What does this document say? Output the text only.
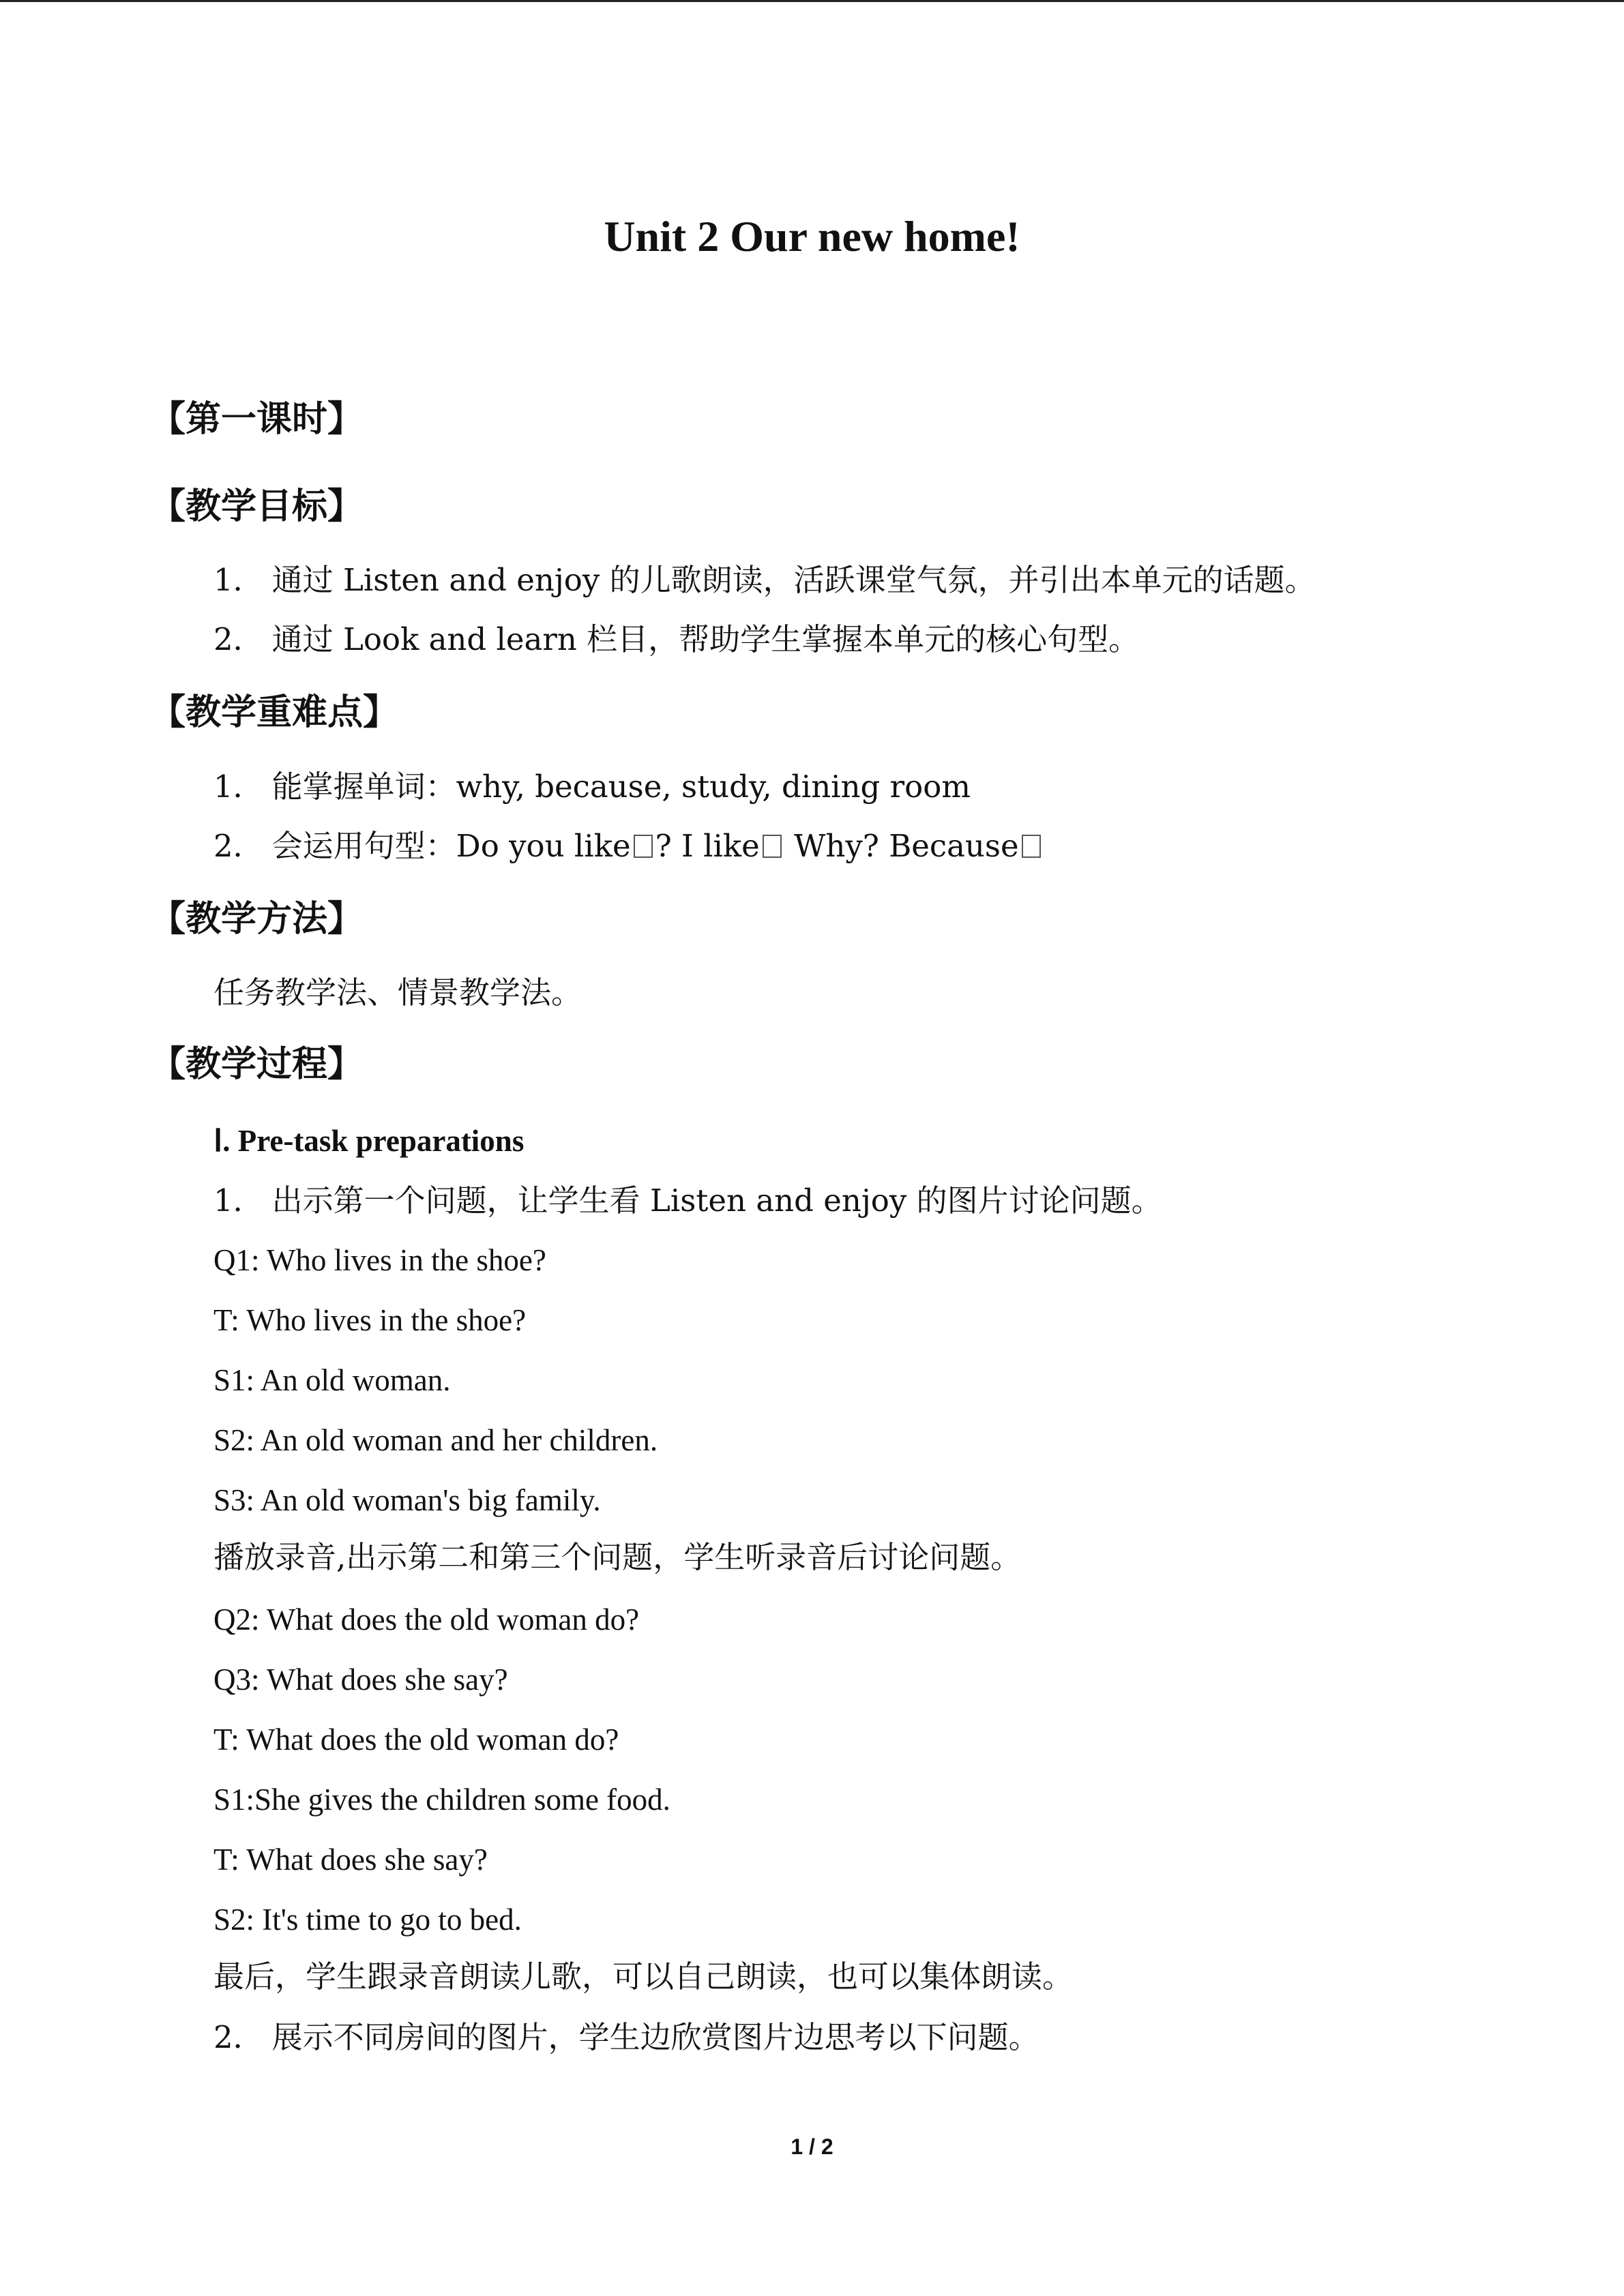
Unit 2 Our new home!
【第一课时】
【教学目标】
1． 通过 Listen and enjoy 的儿歌朗读，活跃课堂气氛，并引出本单元的话题。
2． 通过 Look and learn 栏目，帮助学生掌握本单元的核心句型。
【教学重难点】
1． 能掌握单词：why, because, study, dining room
2． 会运用句型：Do you like ? I like Why? Because
【教学方法】
任务教学法、情景教学法。
【教学过程】
Ⅰ. Pre-task preparations
1． 出示第一个问题，让学生看 Listen and enjoy 的图片讨论问题。
Q1: Who lives in the shoe?
T: Who lives in the shoe?
S1: An old woman.
S2: An old woman and her children.
S3: An old woman's big family.
播放录音,出示第二和第三个问题，学生听录音后讨论问题。
Q2: What does the old woman do?
Q3: What does she say?
T: What does the old woman do?
S1:She gives the children some food.
T: What does she say?
S2: It's time to go to bed.
最后，学生跟录音朗读儿歌，可以自己朗读，也可以集体朗读。
2． 展示不同房间的图片，学生边欣赏图片边思考以下问题。
1 / 2
